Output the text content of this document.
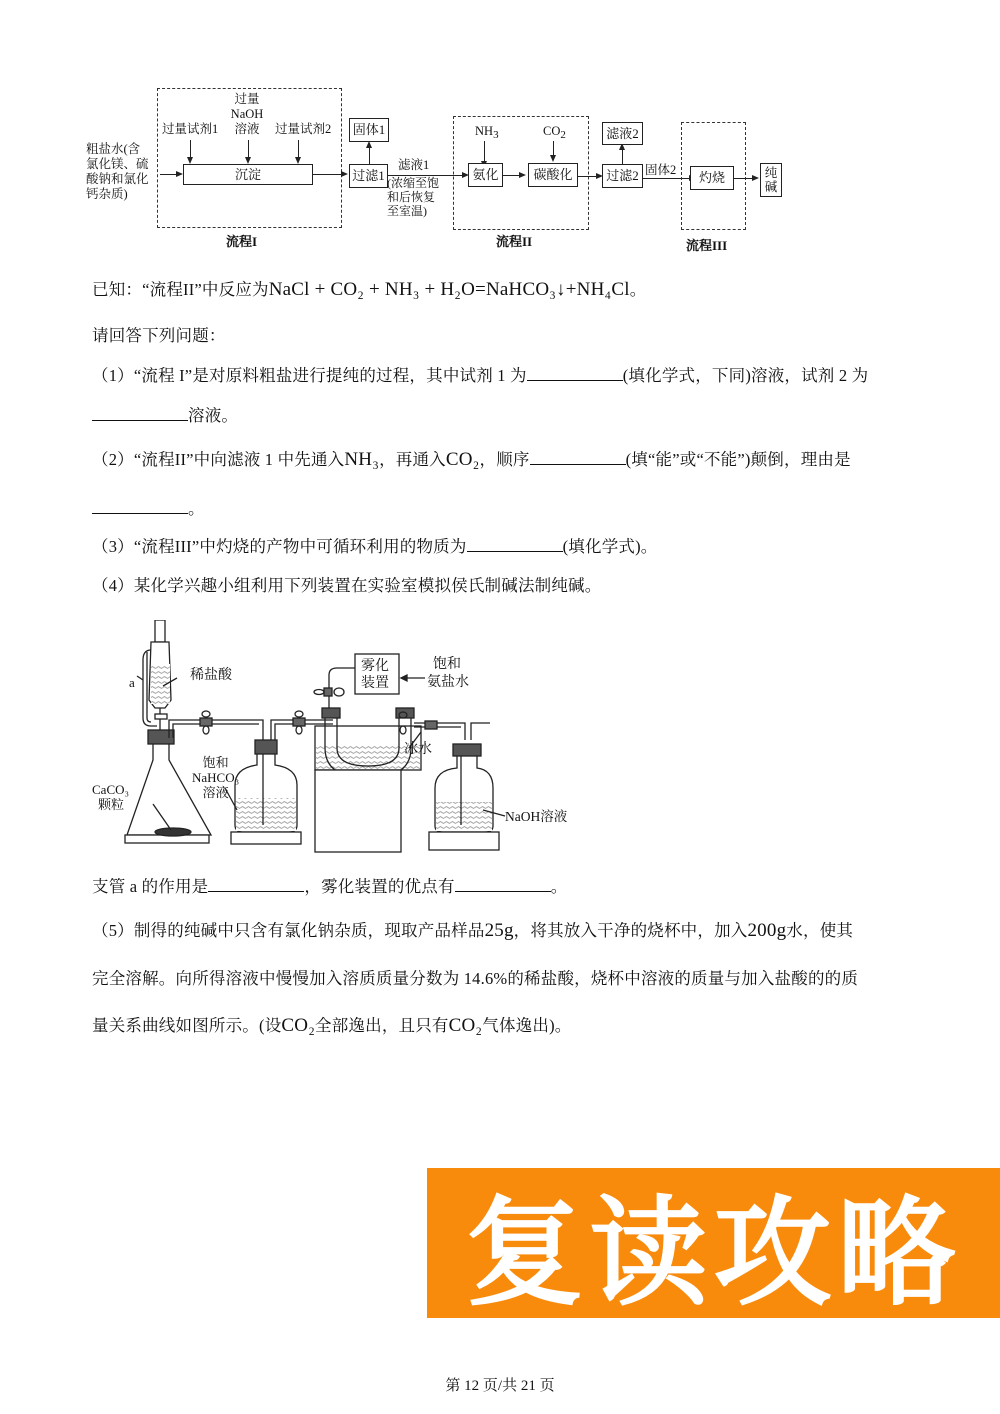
粗盐水(含
氯化镁、硫
酸钠和氯化
钙杂质)
过量试剂1
过量
NaOH
溶液	过量试剂2
沉淀
流程I
过滤1
固体1
滤液1
(浓缩至饱
和后恢复
至室温)
$NH_3$	$CO_2$
氨化	碳酸化
流程II
过滤2
滤液2
固体2	灼烧
流程III
纯
碱
已知：“流程II”中反应为NaCl + CO₂ + NH₃ + H₂O=NaHCO₃↓+NH₄Cl。
请回答下列问题：
（1）“流程 I”是对原料粗盐进行提纯的过程，其中试剂 1 为	(填化学式，下同)溶液，试剂 2 为
溶液。
（2）“流程II”中向滤液 1 中先通入NH₃，再通入CO₂，顺序	(填“能”或“不能”)颠倒，理由是
。
（3）“流程III”中灼烧的产物中可循环利用的物质为	(填化学式)。
（4）某化学兴趣小组利用下列装置在实验室模拟侯氏制碱法制纯碱。
a	稀盐酸
CaCO₃
颗粒
饱和
NaHCO₃
溶液
雾化
装置
饱和
氨盐水
冰水
NaOH溶液
支管 a 的作用是	，雾化装置的优点有	。
（5）制得的纯碱中只含有氯化钠杂质，现取产品样品25g，将其放入干净的烧杯中，加入200g水，使其
完全溶解。向所得溶液中慢慢加入溶质质量分数为 14.6%的稀盐酸，烧杯中溶液的质量与加入盐酸的的质
量关系曲线如图所示。(设CO₂全部逸出，且只有CO₂气体逸出)。
复读攻略
第 12 页/共 21 页
